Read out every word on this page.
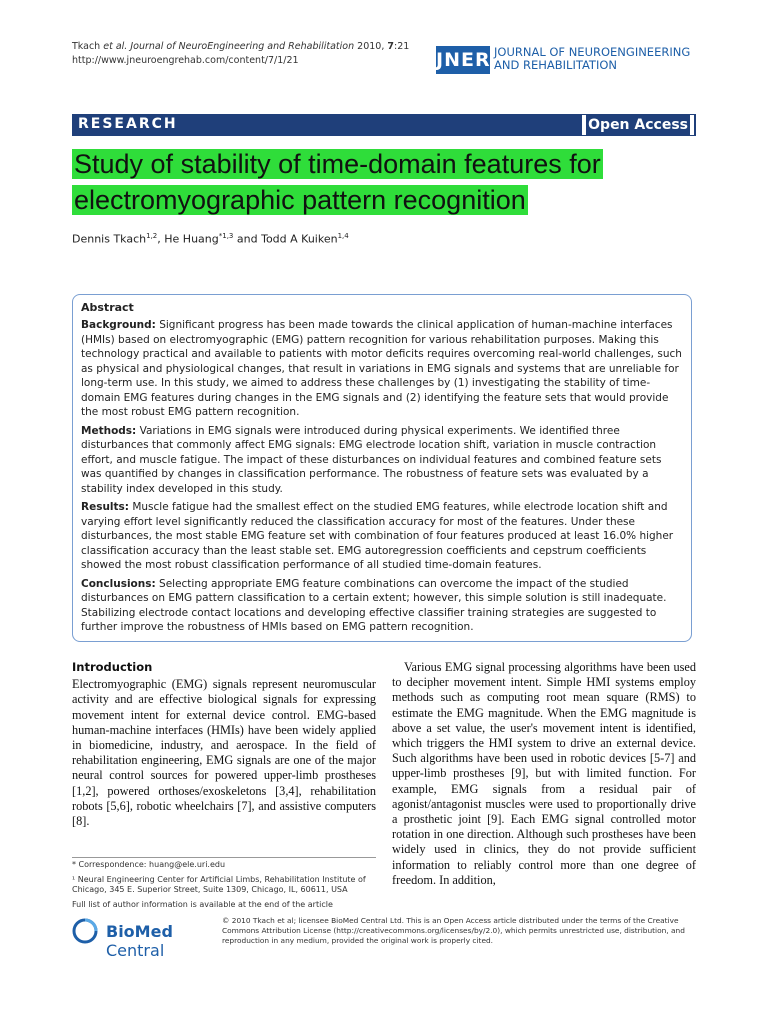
Tkach et al. Journal of NeuroEngineering and Rehabilitation 2010, 7:21
http://www.jneuroengrehab.com/content/7/1/21	JNER JOURNAL OF NEUROENGINEERING
AND REHABILITATION
RESEARCH	Open Access
Study of stability of time-domain features for
electromyographic pattern recognition
Dennis Tkach$^{1,2}$, He Huang$^{*1,3}$ and Todd A Kuiken$^{1,4}$
Abstract

Background: Significant progress has been made towards the clinical application of human-machine interfaces (HMIs) based on electromyographic (EMG) pattern recognition for various rehabilitation purposes. Making this technology practical and available to patients with motor deficits requires overcoming real-world challenges, such as physical and physiological changes, that result in variations in EMG signals and systems that are unreliable for long-term use. In this study, we aimed to address these challenges by (1) investigating the stability of time-domain EMG features during changes in the EMG signals and (2) identifying the feature sets that would provide the most robust EMG pattern recognition.

Methods: Variations in EMG signals were introduced during physical experiments. We identified three disturbances that commonly affect EMG signals: EMG electrode location shift, variation in muscle contraction effort, and muscle fatigue. The impact of these disturbances on individual features and combined feature sets was quantified by changes in classification performance. The robustness of feature sets was evaluated by a stability index developed in this study.

Results: Muscle fatigue had the smallest effect on the studied EMG features, while electrode location shift and varying effort level significantly reduced the classification accuracy for most of the features. Under these disturbances, the most stable EMG feature set with combination of four features produced at least 16.0% higher classification accuracy than the least stable set. EMG autoregression coefficients and cepstrum coefficients showed the most robust classification performance of all studied time-domain features.

Conclusions: Selecting appropriate EMG feature combinations can overcome the impact of the studied disturbances on EMG pattern classification to a certain extent; however, this simple solution is still inadequate. Stabilizing electrode contact locations and developing effective classifier training strategies are suggested to further improve the robustness of HMIs based on EMG pattern recognition.

Introduction

Electromyographic (EMG) signals represent neuromuscular activity and are effective biological signals for expressing movement intent for external device control. EMG-based human-machine interfaces (HMIs) have been widely applied in biomedicine, industry, and aerospace. In the field of rehabilitation engineering, EMG signals are one of the major neural control sources for powered upper-limb prostheses [1,2], powered orthoses/exoskeletons [3,4], rehabilitation robots [5,6], robotic wheelchairs [7], and assistive computers [8].

Various EMG signal processing algorithms have been used to decipher movement intent. Simple HMI systems employ methods such as computing root mean square (RMS) to estimate the EMG magnitude. When the EMG magnitude is above a set value, the user's movement intent is identified, which triggers the HMI system to drive an external device. Such algorithms have been used in robotic devices [5-7] and upper-limb prostheses [9], but with limited function. For example, EMG signals from a residual pair of agonist/antagonist muscles were used to proportionally drive a prosthetic joint [9]. Each EMG signal controlled motor rotation in one direction. Although such prostheses have been widely used in clinics, they do not provide sufficient information to reliably control more than one degree of freedom. In addition,

* Correspondence: huang@ele.uri.edu

¹ Neural Engineering Center for Artificial Limbs, Rehabilitation Institute of Chicago, 345 E. Superior Street, Suite 1309, Chicago, IL, 60611, USA

Full list of author information is available at the end of the article

BioMed Central
© 2010 Tkach et al; licensee BioMed Central Ltd. This is an Open Access article distributed under the terms of the Creative Commons Attribution License (http://creativecommons.org/licenses/by/2.0), which permits unrestricted use, distribution, and reproduction in any medium, provided the original work is properly cited.
